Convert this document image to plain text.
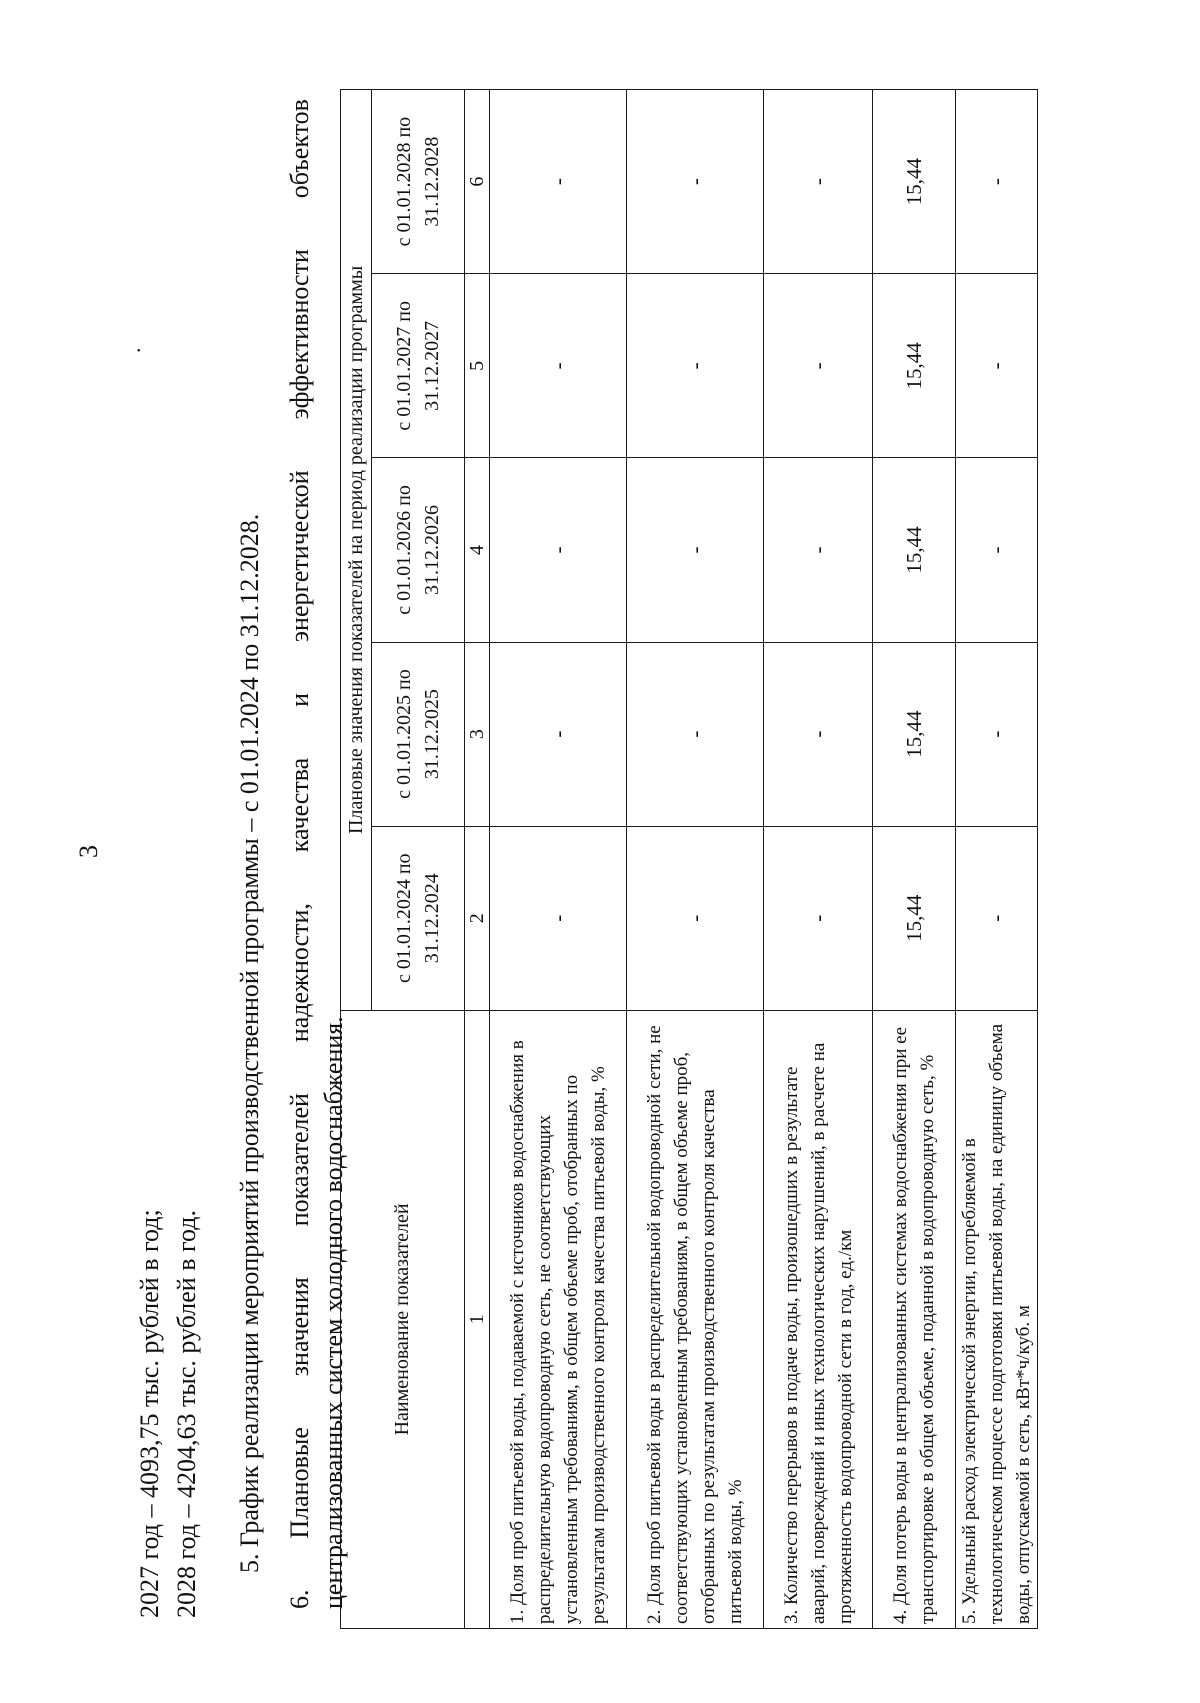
3
.
2027 год – 4093,75 тыс. рублей в год; 2028 год – 4204,63 тыс. рублей в год. 5. График реализации мероприятий производственной программы – с 01.01.2024 по 31.12.2028.
6.
Плановые
значения
показателей
надежности,
качества
и
энергетической
эффективности
объектов
централизованных систем холодного водоснабжения. Наименование показателей	Плановые значения показателей на период реализации программы				
	с 01.01.2024 по 31.12.2024	с 01.01.2025 по 31.12.2025	с 01.01.2026 по 31.12.2026	с 01.01.2027 по 31.12.2027	с 01.01.2028 по 31.12.2028
1	2	3	4	5	6
1. Доля проб питьевой воды, подаваемой с источников водоснабжения в распределительную водопроводную сеть, не соответствующих установленным требованиям, в общем объеме проб, отобранных по результатам производственного контроля качества питьевой воды, %	-	-	-	-	-
2. Доля проб питьевой воды в распределительной водопроводной сети, не соответствующих установленным требованиям, в общем объеме проб, отобранных по результатам производственного контроля качества питьевой воды, %	-	-	-	-	-
3. Количество перерывов в подаче воды, произошедших в результате аварий, повреждений и иных технологических нарушений, в расчете на протяженность водопроводной сети в год, ед./км	-	-	-	-	-
4. Доля потерь воды в централизованных системах водоснабжения при ее транспортировке в общем объеме, поданной в водопроводную сеть, %	15,44	15,44	15,44	15,44	15,44
5. Удельный расход электрической энергии, потребляемой в технологическом процессе подготовки питьевой воды, на единицу объема воды, отпускаемой в сеть, кВт*ч/куб. м	-	-	-	-	-
